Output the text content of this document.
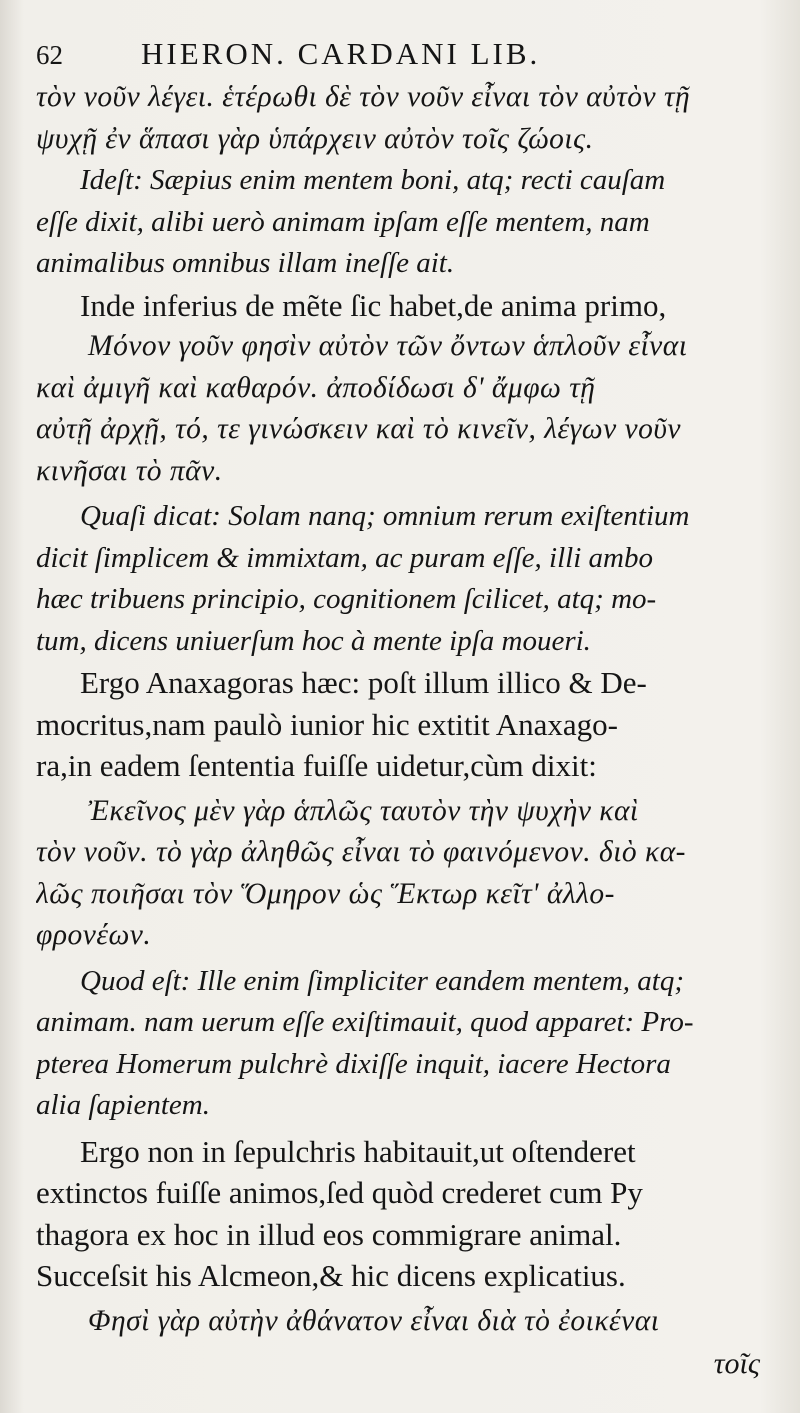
62	HIERON. CARDANI LIB.
τὸν νοῦν λέγει. ἑτέρωθι δὲ τὸν νοῦν εἶναι τὸν αὐτὸν τῇ
ψυχῇ ἐν ἅπασι γὰρ ὑπάρχειν αὐτὸν τοῖς ζώοις.
Ideſt: Sæpius enim mentem boni, atq; recti cauſam
eſſe dixit, alibi uerò animam ipſam eſſe mentem, nam
animalibus omnibus illam ineſſe ait.
Inde inferius de mẽte ſic habet,de anima primo,
Μόνον γοῦν φησὶν αὐτὸν τῶν ὄντων ἁπλοῦν εἶναι
καὶ ἀμιγῆ καὶ καθαρόν. ἀποδίδωσι δ' ἄμφω τῇ
αὐτῇ ἀρχῇ, τό, τε γινώσκειν καὶ τὸ κινεῖν, λέγων νοῦν
κινῆσαι τὸ πᾶν.
Quaſi dicat: Solam nanq; omnium rerum exiſtentium
dicit ſimplicem & immixtam, ac puram eſſe, illi ambo
hæc tribuens principio, cognitionem ſcilicet, atq; mo-
tum, dicens uniuerſum hoc à mente ipſa moueri.
Ergo Anaxagoras hæc: poſt illum illico & De-
mocritus,nam paulò iunior hic extitit Anaxago-
ra,in eadem ſententia fuiſſe uidetur,cùm dixit:
Ἐκεῖνος μὲν γὰρ ἁπλῶς ταυτὸν τὴν ψυχὴν καὶ
τὸν νοῦν. τὸ γὰρ ἀληθῶς εἶναι τὸ φαινόμενον. διὸ κα-
λῶς ποιῆσαι τὸν Ὅμηρον ὡς Ἕκτωρ κεῖτ' ἀλλο-
φρονέων.
Quod eſt: Ille enim ſimpliciter eandem mentem, atq;
animam. nam uerum eſſe exiſtimauit, quod apparet: Pro-
pterea Homerum pulchrè dixiſſe inquit, iacere Hectora
alia ſapientem.
Ergo non in ſepulchris habitauit,ut oſtenderet
extinctos fuiſſe animos,ſed quòd crederet cum Py
thagora ex hoc in illud eos commigrare animal.
Succeſsit his Alcmeon,& hic dicens explicatius.
Φησὶ γὰρ αὐτὴν ἀθάνατον εἶναι διὰ τὸ ἐοικέναι
τοῖς
